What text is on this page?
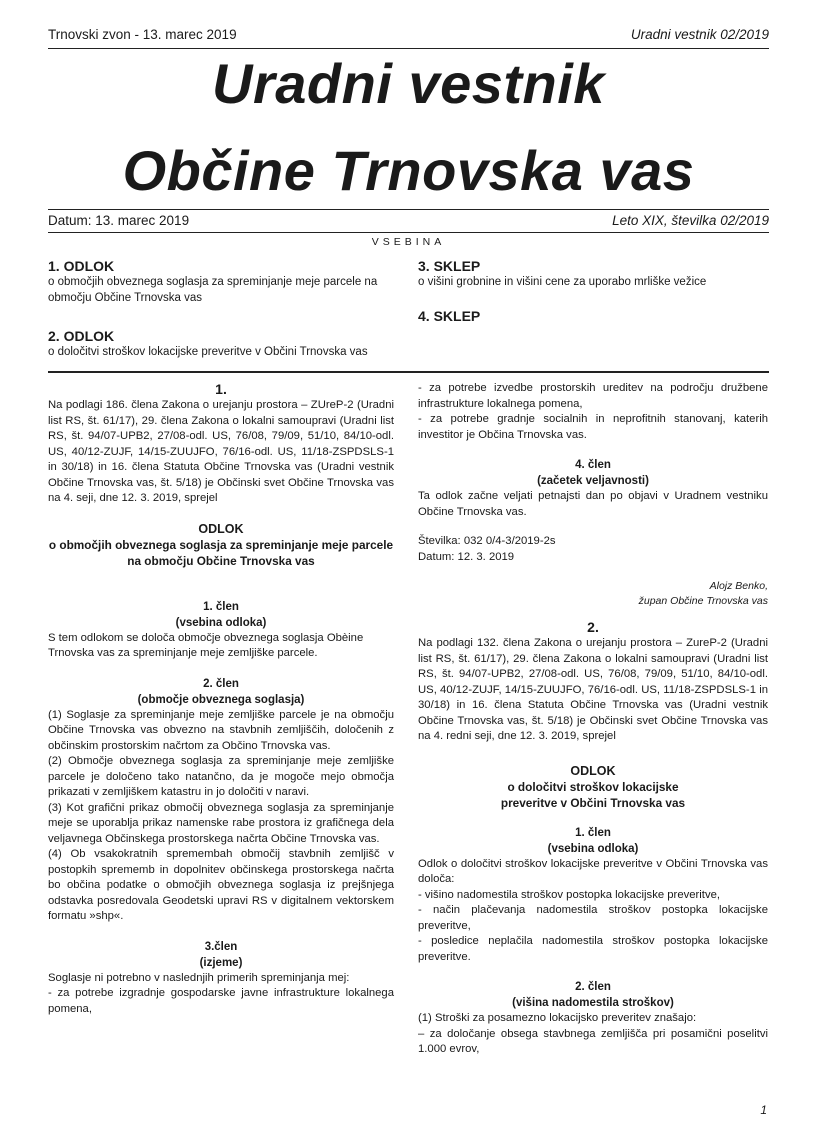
Trnovski zvon - 13. marec 2019	Uradni vestnik 02/2019
Uradni vestnik
Občine Trnovska vas
Datum: 13. marec 2019	Leto XIX, številka 02/2019
VSEBINA
1. ODLOK
o območjih obveznega soglasja za spreminjanje meje parcele na območju Občine Trnovska vas
2. ODLOK
o določitvi stroškov lokacijske preveritve v Občini Trnovska vas
3. SKLEP
o višini grobnine in višini cene za uporabo mrliške vežice
4. SKLEP
1.

Na podlagi 186. člena Zakona o urejanju prostora – ZUreP-2 (Uradni list RS, št. 61/17), 29. člena Zakona o lokalni samoupravi (Uradni list RS, št. 94/07-UPB2, 27/08-odl. US, 76/08, 79/09, 51/10, 84/10-odl. US, 40/12-ZUJF, 14/15-ZUUJFO, 76/16-odl. US, 11/18-ZSPDSLS-1 in 30/18) in 16. člena Statuta Občine Trnovska vas (Uradni vestnik Občine Trnovska vas, št. 5/18) je Občinski svet Občine Trnovska vas na 4. seji, dne 12. 3. 2019, sprejel

ODLOK
o območjih obveznega soglasja za spreminjanje meje parcele na območju Občine Trnovska vas
1. člen
(vsebina odloka)

S tem odlokom se določa območje obveznega soglasja Obèine Trnovska vas za spreminjanje meje zemljiške parcele.

2. člen
(območje obveznega soglasja)

(1) Soglasje za spreminjanje meje zemljiške parcele je na območju Občine Trnovska vas obvezno na stavbnih zemljiščih, določenih z občinskim prostorskim načrtom za Občino Trnovska vas.

(2) Območje obveznega soglasja za spreminjanje meje zemljiške parcele je določeno tako natančno, da je mogoče mejo območja prikazati v zemljiškem katastru in jo določiti v naravi.

(3) Kot grafični prikaz območij obveznega soglasja za spreminjanje meje se uporablja prikaz namenske rabe prostora iz grafičnega dela veljavnega Občinskega prostorskega načrta Občine Trnovska vas.

(4) Ob vsakokratnih spremembah območij stavbnih zemljišč v postopkih sprememb in dopolnitev občinskega prostorskega načrta bo občina podatke o območjih obveznega soglasja iz prejšnjega odstavka posredovala Geodetski upravi RS v digitalnem vektorskem formatu »shp«.

3.člen
(izjeme)

Soglasje ni potrebno v naslednjih primerih spreminjanja mej:

- za potrebe izgradnje gospodarske javne infrastrukture lokalnega pomena,

- za potrebe izvedbe prostorskih ureditev na področju družbene infrastrukture lokalnega pomena,

- za potrebe gradnje socialnih in neprofitnih stanovanj, katerih investitor je Občina Trnovska vas.

4. člen
(začetek veljavnosti)

Ta odlok začne veljati petnajsti dan po objavi v Uradnem vestniku Občine Trnovska vas.

Številka: 032 0/4-3/2019-2s

Datum: 12. 3. 2019

Alojz Benko,
župan Občine Trnovska vas
2.

Na podlagi 132. člena Zakona o urejanju prostora – ZureP-2 (Uradni list RS, št. 61/17), 29. člena Zakona o lokalni samoupravi (Uradni list RS, št. 94/07-UPB2, 27/08-odl. US, 76/08, 79/09, 51/10, 84/10-odl. US, 40/12-ZUJF, 14/15-ZUUJFO, 76/16-odl. US, 11/18-ZSPDSLS-1 in 30/18) in 16. člena Statuta Občine Trnovska vas (Uradni vestnik Občine Trnovska vas, št. 5/18) je Občinski svet Občine Trnovska vas na 4. redni seji, dne 12. 3. 2019, sprejel

ODLOK
o določitvi stroškov lokacijske preveritve v Občini Trnovska vas
1. člen
(vsebina odloka)

Odlok o določitvi stroškov lokacijske preveritve v Občini Trnovska vas določa:

- višino nadomestila stroškov postopka lokacijske preveritve,

- način plačevanja nadomestila stroškov postopka lokacijske preveritve,

- posledice neplačila nadomestila stroškov postopka lokacijske preveritve.

2. člen
(višina nadomestila stroškov)

(1) Stroški za posamezno lokacijsko preveritev znašajo:

– za določanje obsega stavbnega zemljišča pri posamični poselitvi 1.000 evrov,

1
